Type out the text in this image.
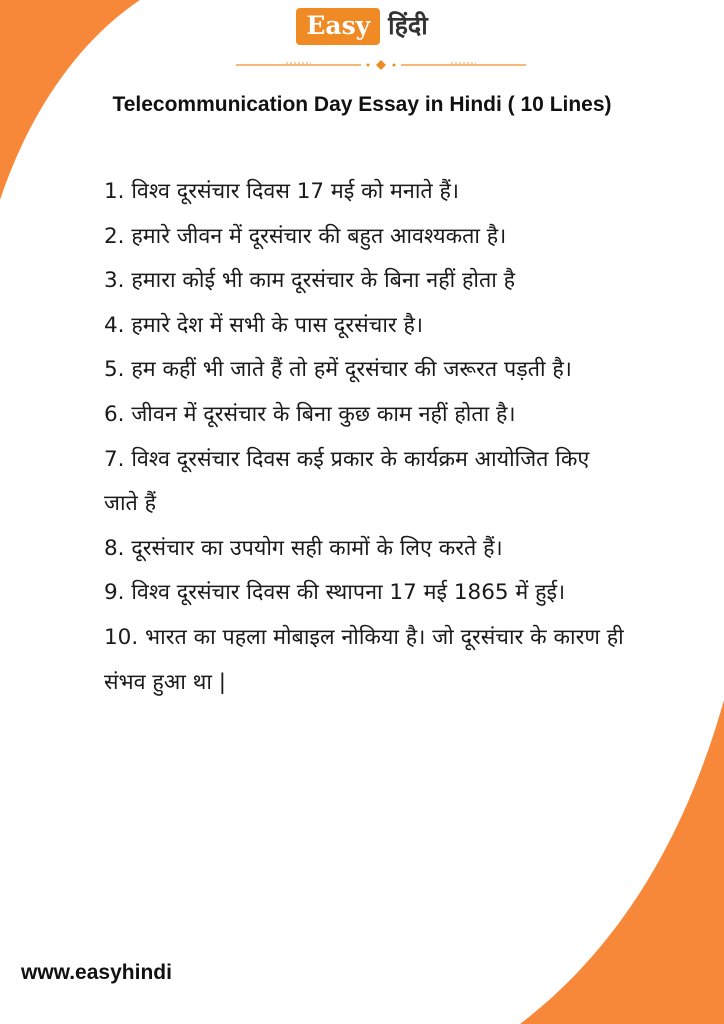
Easy हिंदी
Telecommunication Day Essay in Hindi ( 10 Lines)
1. विश्व दूरसंचार दिवस 17 मई को मनाते हैं।
2. हमारे जीवन में दूरसंचार की बहुत आवश्यकता है।
3. हमारा कोई भी काम दूरसंचार के बिना नहीं होता है
4. हमारे देश में सभी के पास दूरसंचार है।
5. हम कहीं भी जाते हैं तो हमें दूरसंचार की जरूरत पड़ती है।
6. जीवन में दूरसंचार के बिना कुछ काम नहीं होता है।
7. विश्व दूरसंचार दिवस कई प्रकार के कार्यक्रम आयोजित किए जाते हैं
8. दूरसंचार का उपयोग सही कामों के लिए करते हैं।
9. विश्व दूरसंचार दिवस की स्थापना 17 मई 1865 में हुई।
10. भारत का पहला मोबाइल नोकिया है। जो दूरसंचार के कारण ही संभव हुआ था |
www.easyhindi
